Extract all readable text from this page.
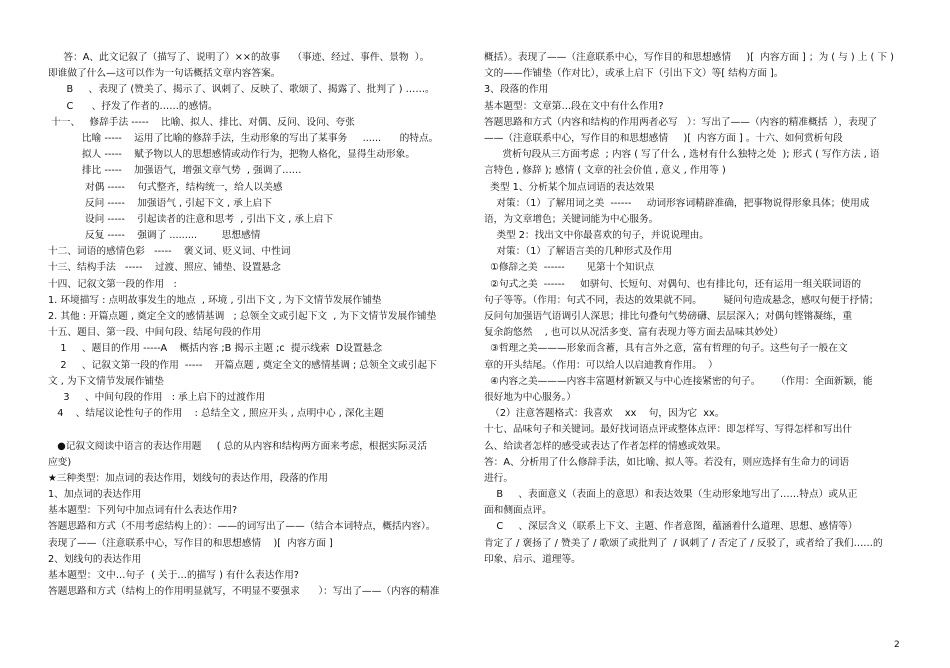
答：A、此文记叙了（描写了、说明了）××的故事    （事迹、经过、事件、景物  ）。
即谁做了什么—这可以作为一句话概括文章内容答案。
B     、表现了 (赞美了、揭示了、讽刺了、反映了、歌颂了、揭露了、批判了 ) ……。
C      、抒发了作者的……的感情。
十一、   修辞手法 -----    比喻、拟人、排比、对偶、反问、设问、夸张
比喻 -----    运用了比喻的修辞手法，生动形象的写出了某事务     ......      的特点。
拟人 -----    赋予物以人的思想感情或动作行为，把物人格化，显得生动形象。
排比 -----    加强语气，增强文章气势  , 强调了……
对偶 -----    句式整齐，结构统一，给人以美感
反问 -----    加强语气 , 引起下文 , 承上启下
设问 -----    引起读者的注意和思考  , 引出下文 , 承上启下
反复 -----    强调了 .........        思想感情
十二、词语的感情色彩   -----    褒义词、贬义词、中性词
十三、结构手法   -----    过渡、照应、铺垫、设置悬念
十四、记叙文第一段的作用   :
1. 环境描写 : 点明故事发生的地点  , 环境 , 引出下文 , 为下文情节发展作铺垫
2. 其他 : 开篇点题 , 奠定全文的感情基调   ; 总领全文或引起下文  , 为下文情节发展作铺垫
十五、题目、第一段、中间句段、结尾句段的作用
1     、题目的作用 -----A    概括内容 ;B 揭示主题 ;c  提示线索  D设置悬念
2     、记叙文第一段的作用  -----    开篇点题 , 奠定全文的感情基调 ; 总领全文或引起下
文 , 为下文情节发展作铺垫
3     、中间句段的作用   : 承上启下的过渡作用
4    、结尾议论性句子的作用    : 总结全文 , 照应开头 , 点明中心 , 深化主题
●记叙文阅读中语言的表达作用题     ( 总的从内容和结构两方面来考虑，根据实际灵活
应变)
★三种类型：加点词的表达作用，划线句的表达作用，段落的作用
1、加点词的表达作用
基本题型：下列句中加点词有什么表达作用?
答题思路和方式（不用考虑结构上的）：——的词写出了——（结合本词特点，概括内容）。
表现了——（注意联系中心，写作目的和思想感情    )[  内容方面 ]
2、划线句的表达作用
基本题型：文中…句子  ( 关于…的描写 ) 有什么表达作用?
答题思路和方式（结构上的作用明显就写，不明显不要强求      ）：写出了——（内容的精准
概括）。表现了——（注意联系中心，写作目的和思想感情     )[  内容方面 ] ；为 ( 与 ) 上 ( 下 )
文的——作铺垫（作对比），或承上启下（引出下文）等[ 结构方面 ]。
3、段落的作用
基本题型：文章第…段在文中有什么作用?
答题思路和方式（内容和结构的作用两者必写   ）：写出了——（内容的精准概括  ），表现了
——（注意联系中心，写作目的和思想感情     )[  内容方面 ] 。十六、如何赏析句段
赏析句段从三方面考虑  ; 内容 ( 写了什么 , 选材有什么独特之处  ); 形式 ( 写作方法 , 语
言特色 , 修辞 ); 感情 ( 文章的社会价值 , 意义 , 作用等 )
类型 1、分析某个加点词语的表达效果
对策：（1）了解用词之美  ------     动词形容词精辟准确，把事物说得形象具体；使用成
语，为文章增色；关键词能为中心服务。
类型 2：找出文中你最喜欢的句子，并说说理由。
对策：（1）了解语言美的几种形式及作用
①修辞之美  ------       见第十个知识点
②句式之美  ------     如骈句、长短句、对偶句、也有排比句，还有运用一组关联词语的
句子等等。（作用：句式不同，表达的效果就不同。       疑问句造成悬念，感叹句便于抒情；
反问句加强语气语调引人深思；排比句叠句气势磅礴、层层深入；对偶句铿锵凝练，重
复余韵悠然    , 也可以从况活多变、富有表现力等方面去品味其妙处）
③哲理之美———形象而含蓄，具有言外之意，富有哲理的句子。这些句子一般在文
章的开头结尾。（作用：可以给人以启迪教育作用。  ）
④内容之美———内容丰富题材新颖又与中心连接紧密的句子。     （作用：全面新颖，能
很好地为中心服务。）
（2）注意答题格式：我喜欢    xx    句，因为它  xx。
十七、品味句子和关键词。最好找词语点评或整体点评：即怎样写、写得怎样和写出什
么、给读者怎样的感受或表达了作者怎样的情感或效果。
答：A、分析用了什么修辞手法，如比喻、拟人等。若没有，则应选择有生命力的词语
进行。
B     、表面意义（表面上的意思）和表达效果（生动形象地写出了……特点）或从正
面和侧面点评。
C     、深层含义（联系上下文、主题、作者意图，蕴涵着什么道理、思想、感情等）
肯定了 / 褒扬了 / 赞美了 / 歌颂了或批判了  / 讽刺了 / 否定了 / 反驳了，或者给了我们……的
印象、启示、道理等。
2
